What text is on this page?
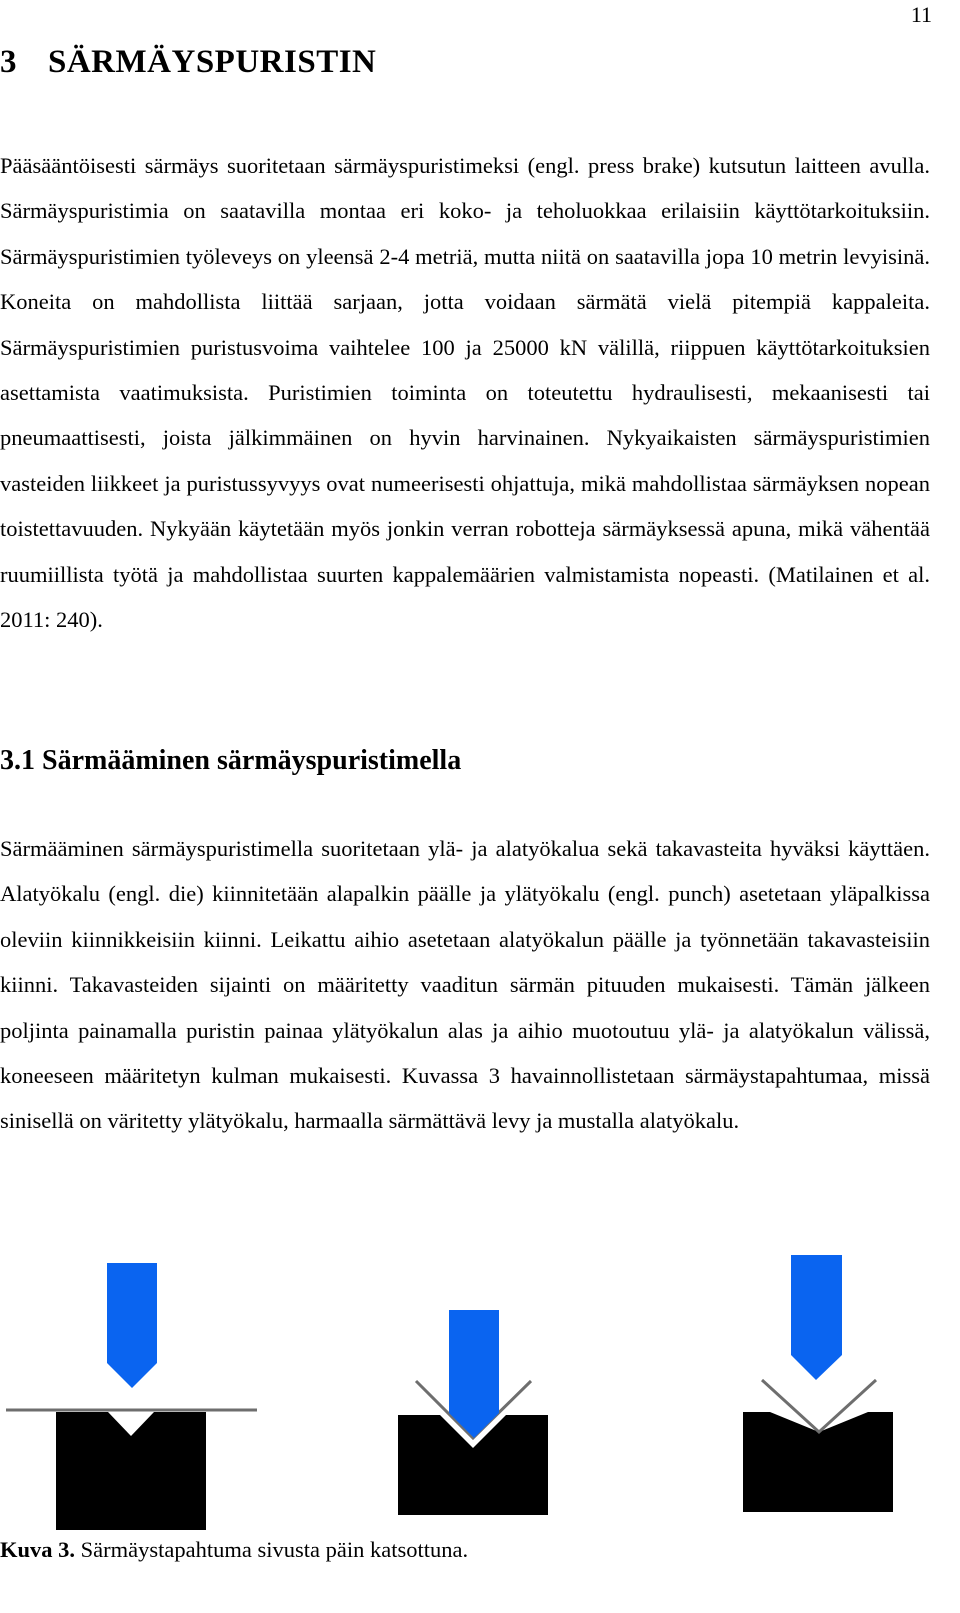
11
3 SÄRMÄYSPURISTIN

Pääsääntöisesti särmäys suoritetaan särmäyspuristimeksi (engl. press brake) kutsutun laitteen avulla. Särmäyspuristimia on saatavilla montaa eri koko- ja teholuokkaa erilaisiin käyttötarkoituksiin. Särmäyspuristimien työleveys on yleensä 2-4 metriä, mutta niitä on saatavilla jopa 10 metrin levyisinä. Koneita on mahdollista liittää sarjaan, jotta voidaan särmätä vielä pitempiä kappaleita. Särmäyspuristimien puristusvoima vaihtelee 100 ja 25000 kN välillä, riippuen käyttötarkoituksien asettamista vaatimuksista. Puristimien toiminta on toteutettu hydraulisesti, mekaanisesti tai pneumaattisesti, joista jälkimmäinen on hyvin harvinainen. Nykyaikaisten särmäyspuristimien vasteiden liikkeet ja puristussyvyys ovat numeerisesti ohjattuja, mikä mahdollistaa särmäyksen nopean toistettavuuden. Nykyään käytetään myös jonkin verran robotteja särmäyksessä apuna, mikä vähentää ruumiillista työtä ja mahdollistaa suurten kappalemäärien valmistamista nopeasti. (Matilainen et al. 2011: 240).

3.1 Särmääminen särmäyspuristimella

Särmääminen särmäyspuristimella suoritetaan ylä- ja alatyökalua sekä takavasteita hyväksi käyttäen. Alatyökalu (engl. die) kiinnitetään alapalkin päälle ja ylätyökalu (engl. punch) asetetaan yläpalkissa oleviin kiinnikkeisiin kiinni. Leikattu aihio asetetaan alatyökalun päälle ja työnnetään takavasteisiin kiinni. Takavasteiden sijainti on määritetty vaaditun särmän pituuden mukaisesti. Tämän jälkeen poljinta painamalla puristin painaa ylätyökalun alas ja aihio muotoutuu ylä- ja alatyökalun välissä, koneeseen määritetyn kulman mukaisesti. Kuvassa 3 havainnollistetaan särmäystapahtumaa, missä sinisellä on väritetty ylätyökalu, harmaalla särmättävä levy ja mustalla alatyökalu.

Kuva 3. Särmäystapahtuma sivusta päin katsottuna.
